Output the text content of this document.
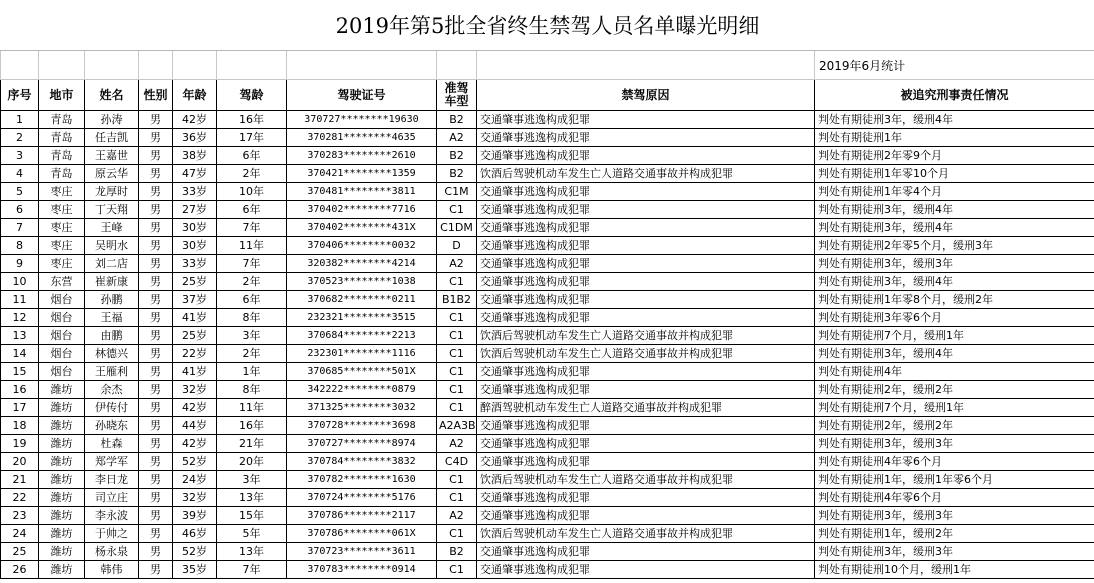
2019年第5批全省终生禁驾人员名单曝光明细									
									2019年6月统计
序号	地市	姓名	性别	年龄	驾龄	驾驶证号	准驾
车型	禁驾原因	被追究刑事责任情况
1	青岛	孙涛	男	42岁	16年	370727********19630	B2	交通肇事逃逸构成犯罪	判处有期徒刑3年，缓刑4年
2	青岛	任吉凯	男	36岁	17年	370281********4635	A2	交通肇事逃逸构成犯罪	判处有期徒刑1年
3	青岛	王嘉世	男	38岁	6年	370283********2610	B2	交通肇事逃逸构成犯罪	判处有期徒刑2年零9个月
4	青岛	原云华	男	47岁	2年	370421********1359	B2	饮酒后驾驶机动车发生亡人道路交通事故并构成犯罪	判处有期徒刑1年零10个月
5	枣庄	龙厚时	男	33岁	10年	370481********3811	C1M	交通肇事逃逸构成犯罪	判处有期徒刑1年零4个月
6	枣庄	丁天翔	男	27岁	6年	370402********7716	C1	交通肇事逃逸构成犯罪	判处有期徒刑3年，缓刑4年
7	枣庄	王峰	男	30岁	7年	370402********431X	C1DM	交通肇事逃逸构成犯罪	判处有期徒刑3年，缓刑4年
8	枣庄	吴明水	男	30岁	11年	370406********0032	D	交通肇事逃逸构成犯罪	判处有期徒刑2年零5个月，缓刑3年
9	枣庄	刘二店	男	33岁	7年	320382********4214	A2	交通肇事逃逸构成犯罪	判处有期徒刑3年，缓刑3年
10	东营	崔新康	男	25岁	2年	370523********1038	C1	交通肇事逃逸构成犯罪	判处有期徒刑3年，缓刑4年
11	烟台	孙鹏	男	37岁	6年	370682********0211	B1B2	交通肇事逃逸构成犯罪	判处有期徒刑1年零8个月，缓刑2年
12	烟台	王福	男	41岁	8年	232321********3515	C1	交通肇事逃逸构成犯罪	判处有期徒刑3年零6个月
13	烟台	由鹏	男	25岁	3年	370684********2213	C1	饮酒后驾驶机动车发生亡人道路交通事故并构成犯罪	判处有期徒刑7个月，缓刑1年
14	烟台	林德兴	男	22岁	2年	232301********1116	C1	饮酒后驾驶机动车发生亡人道路交通事故并构成犯罪	判处有期徒刑3年，缓刑4年
15	烟台	王雁利	男	41岁	1年	370685********501X	C1	交通肇事逃逸构成犯罪	判处有期徒刑4年
16	潍坊	余杰	男	32岁	8年	342222********0879	C1	交通肇事逃逸构成犯罪	判处有期徒刑2年，缓刑2年
17	潍坊	伊传付	男	42岁	11年	371325********3032	C1	醉酒驾驶机动车发生亡人道路交通事故并构成犯罪	判处有期徒刑7个月，缓刑1年
18	潍坊	孙晓东	男	44岁	16年	370728********3698	A2A3B	交通肇事逃逸构成犯罪	判处有期徒刑2年，缓刑2年
19	潍坊	杜森	男	42岁	21年	370727********8974	A2	交通肇事逃逸构成犯罪	判处有期徒刑3年，缓刑3年
20	潍坊	郑学军	男	52岁	20年	370784********3832	C4D	交通肇事逃逸构成犯罪	判处有期徒刑4年零6个月
21	潍坊	李日龙	男	24岁	3年	370782********1630	C1	饮酒后驾驶机动车发生亡人道路交通事故并构成犯罪	判处有期徒刑1年，缓刑1年零6个月
22	潍坊	司立庄	男	32岁	13年	370724********5176	C1	交通肇事逃逸构成犯罪	判处有期徒刑4年零6个月
23	潍坊	李永波	男	39岁	15年	370786********2117	A2	交通肇事逃逸构成犯罪	判处有期徒刑3年，缓刑3年
24	潍坊	于帅之	男	46岁	5年	370786********061X	C1	饮酒后驾驶机动车发生亡人道路交通事故并构成犯罪	判处有期徒刑1年，缓刑2年
25	潍坊	杨永泉	男	52岁	13年	370723********3611	B2	交通肇事逃逸构成犯罪	判处有期徒刑3年，缓刑3年
26	潍坊	韩伟	男	35岁	7年	370783********0914	C1	交通肇事逃逸构成犯罪	判处有期徒刑10个月，缓刑1年
